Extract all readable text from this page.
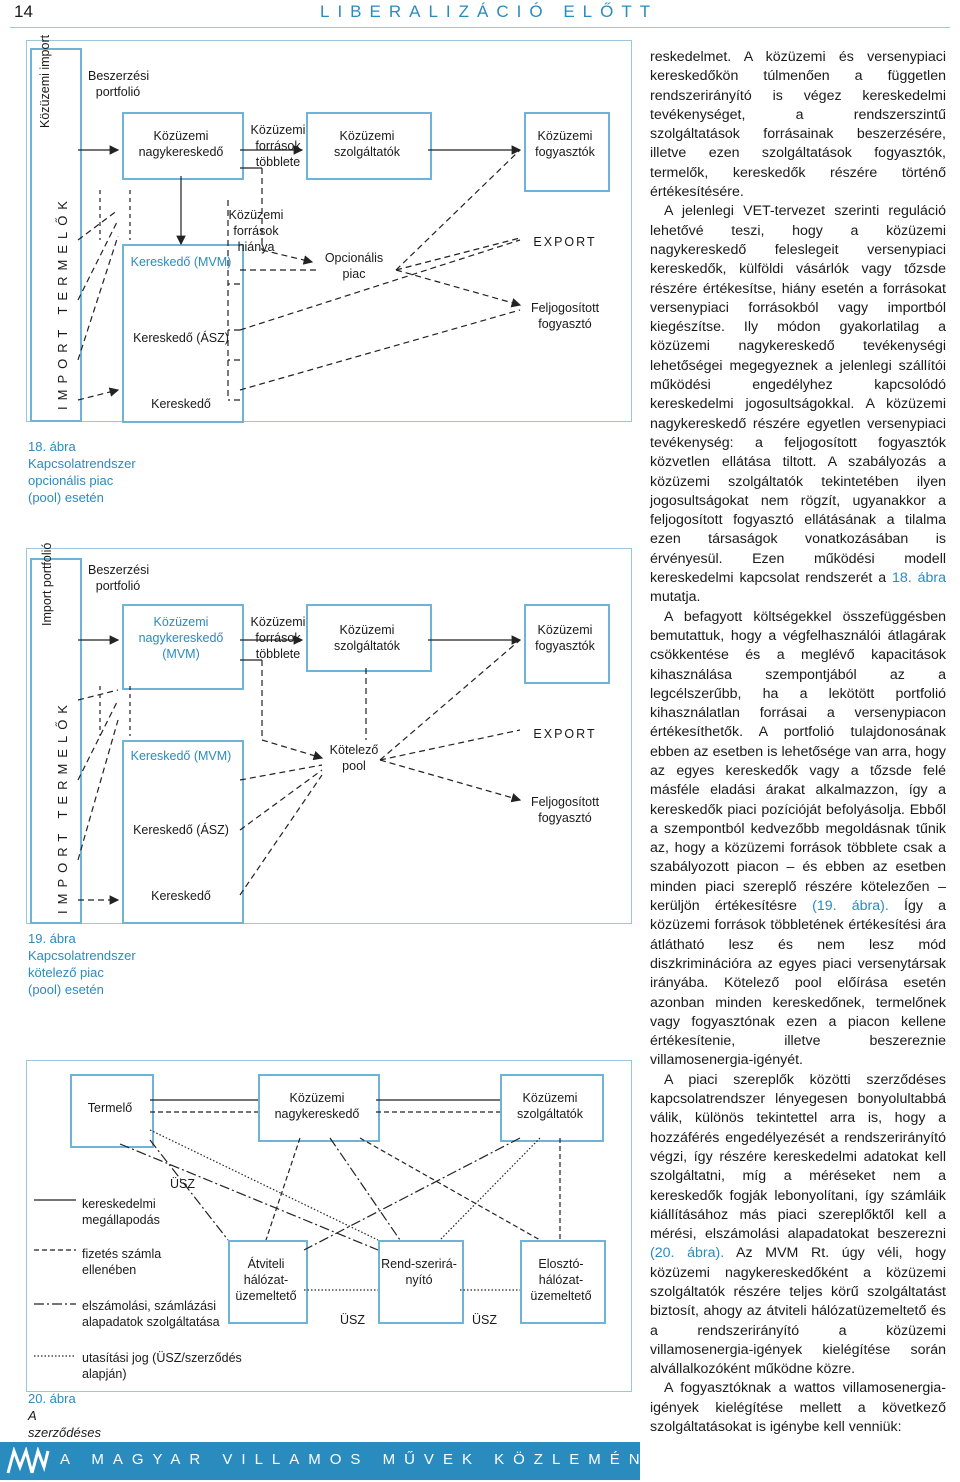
14	LIBERALIZÁCIÓ ELŐTT
Közüzemi import
IMPORT TERMELŐK
Közüzemi nagykereskedő
Kereskedő (MVM)
Kereskedő (ÁSZ)
Kereskedő
Beszerzési portfolió
Közüzemi források többlete
Közüzemi források hiánya
Közüzemi szolgáltatók
Opcionális piac
Közüzemi fogyasztók
EXPORT
Feljogosított fogyasztó
18. ábra
Kapcsolatrendszer opcionális piac (pool) esetén
Import portfolió
IMPORT TERMELŐK
Közüzemi nagykereskedő (MVM)
Kereskedő (MVM)
Kereskedő (ÁSZ)
Kereskedő
Beszerzési portfolió
Közüzemi források többlete
Közüzemi szolgáltatók
Kötelező pool
Közüzemi fogyasztók
EXPORT
Feljogosított fogyasztó
19. ábra
Kapcsolatrendszer kötelező piac (pool) esetén
Termelő
Közüzemi nagykereskedő
Közüzemi szolgáltatók
Átviteli hálózat-üzemeltető
Rend-szerirá-nyító
Elosztó-hálózat-üzemeltető
ÜSZ
ÜSZ	ÜSZ
kereskedelmi megállapodás
fizetés számla ellenében
elszámolási, számlázási alapadatok szolgáltatása
utasítási jog (ÜSZ/szerződés alapján)
20. ábra
A szerződéses

reskedelmet. A közüzemi és versenypiaci kereskedőkön túlmenően a független rendszerirányító is végez kereskedelmi tevékenységet, a rendszerszintű szolgáltatások forrásainak beszerzésére, illetve ezen szolgáltatások fogyasztók, termelők, kereskedők részére történő értékesítésére.

A jelenlegi VET-tervezet szerinti reguláció lehetővé teszi, hogy a közüzemi nagykereskedő feleslegeit versenypiaci kereskedők, külföldi vásárlók vagy tőzsde részére értékesítse, hiány esetén a forrásokat versenypiaci forrásokból vagy importból kiegészítse. Ily módon gyakorlatilag a közüzemi nagykereskedő tevékenységi lehetőségei megegyeznek a jelenlegi szállítói működési engedélyhez kapcsolódó kereskedelmi jogosultságokkal. A közüzemi nagykereskedő részére egyetlen versenypiaci tevékenység: a feljogosított fogyasztók közvetlen ellátása tiltott. A szabályozás a közüzemi szolgáltatók tekintetében ilyen jogosultságokat nem rögzít, ugyanakkor a feljogosított fogyasztó ellátásának a tilalma ezen társaságok vonatkozásában is érvényesül. Ezen működési modell kereskedelmi kapcsolat rendszerét a 18. ábra mutatja.

A befagyott költségekkel összefüggésben bemutattuk, hogy a végfelhasználói átlagárak csökkentése és a meglévő kapacitások kihasználása szempontjából az a legcélszerűbb, ha a lekötött portfolió kihasználatlan forrásai a versenypiacon értékesíthetők. A portfolió tulajdonosának ebben az esetben is lehetősége van arra, hogy az egyes kereskedők vagy a tőzsde felé másféle eladási árakat alkalmazzon, így a kereskedők piaci pozícióját befolyásolja. Ebből a szempontból kedvezőbb megoldásnak tűnik az, hogy a közüzemi források többlete csak a szabályozott piacon – és ebben az esetben minden piaci szereplő részére kötelezően – kerüljön értékesítésre (19. ábra). Így a közüzemi források többletének értékesítési ára átlátható lesz és nem lesz mód diszkriminációra az egyes piaci versenytársak irányába. Kötelező pool előírása esetén azonban minden kereskedőnek, termelőnek vagy fogyasztónak ezen a piacon kellene értékesítenie, illetve beszereznie villamosenergia-igényét.

A piaci szereplők közötti szerződéses kapcsolatrendszer lényegesen bonyolultabbá válik, különös tekintettel arra is, hogy a hozzáférés engedélyezését a rendszerirányító végzi, így részére kereskedelmi adatokat kell szolgáltatni, míg a méréseket nem a kereskedők fogják lebonyolítani, így számláik kiállításához más piaci szereplőktől kell a mérési, elszámolási alapadatokat beszerezni (20. ábra). Az MVM Rt. úgy véli, hogy közüzemi nagykereskedőként a közüzemi szolgáltatók részére teljes körű szolgáltatást biztosít, ahogy az átviteli hálózatüzemeltető és a rendszerirányító a közüzemi villamosenergia-igények kielégítése során alvállalkozóként működne közre.

A fogyasztóknak a wattos villamosenergia-igények kielégítése mellett a következő szolgáltatásokat is igénybe kell venniük:

A MAGYAR VILLAMOS MŰVEK KÖZLEMÉNYEI 2000/1
